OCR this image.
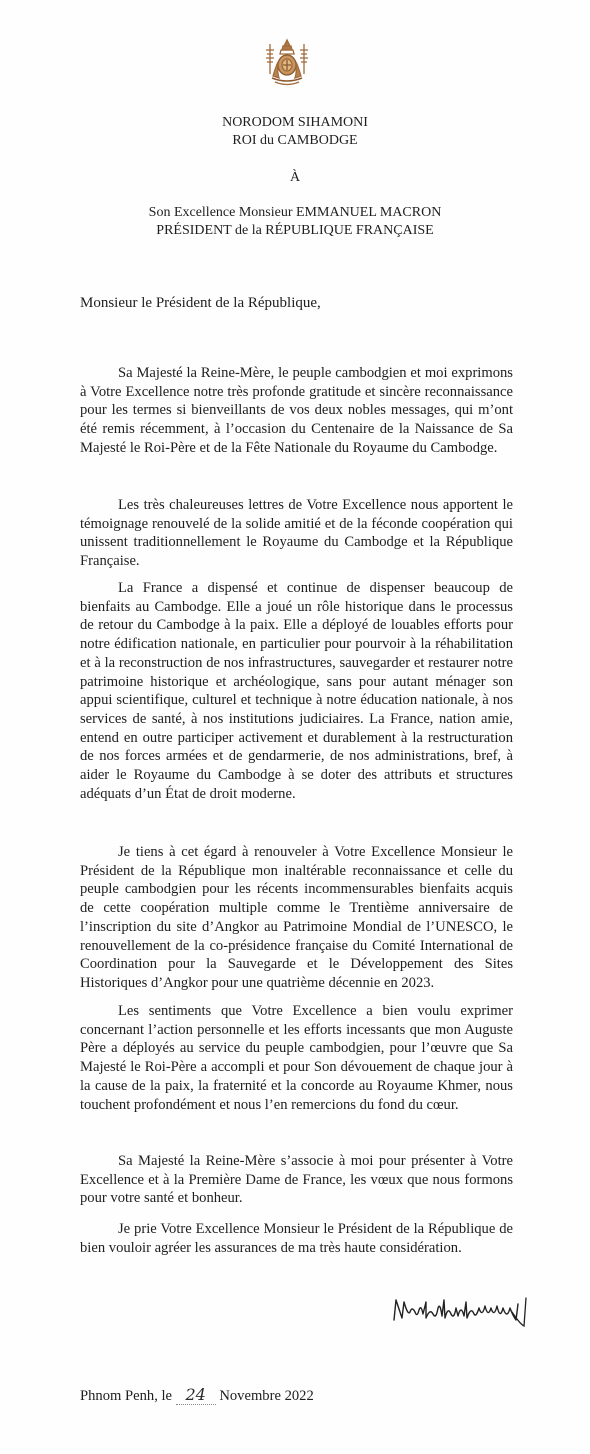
NORODOM SIHAMONI
ROI du CAMBODGE
À
Son Excellence Monsieur EMMANUEL MACRON
PRÉSIDENT de la RÉPUBLIQUE FRANÇAISE
Monsieur le Président de la République,

Sa Majesté la Reine-Mère, le peuple cambodgien et moi exprimons à Votre Excellence notre très profonde gratitude et sincère reconnaissance pour les termes si bienveillants de vos deux nobles messages, qui m’ont été remis récemment, à l’occasion du Centenaire de la Naissance de Sa Majesté le Roi-Père et de la Fête Nationale du Royaume du Cambodge.

Les très chaleureuses lettres de Votre Excellence nous apportent le témoignage renouvelé de la solide amitié et de la féconde coopération qui unissent traditionnellement le Royaume du Cambodge et la République Française.

La France a dispensé et continue de dispenser beaucoup de bienfaits au Cambodge. Elle a joué un rôle historique dans le processus de retour du Cambodge à la paix. Elle a déployé de louables efforts pour notre édification nationale, en particulier pour pourvoir à la réhabilitation et à la reconstruction de nos infrastructures, sauvegarder et restaurer notre patrimoine historique et archéologique, sans pour autant ménager son appui scientifique, culturel et technique à notre éducation nationale, à nos services de santé, à nos institutions judiciaires. La France, nation amie, entend en outre participer activement et durablement à la restructuration de nos forces armées et de gendarmerie, de nos administrations, bref, à aider le Royaume du Cambodge à se doter des attributs et structures adéquats d’un État de droit moderne.

Je tiens à cet égard à renouveler à Votre Excellence Monsieur le Président de la République mon inaltérable reconnaissance et celle du peuple cambodgien pour les récents incommensurables bienfaits acquis de cette coopération multiple comme le Trentième anniversaire de l’inscription du site d’Angkor au Patrimoine Mondial de l’UNESCO, le renouvellement de la co-présidence française du Comité International de Coordination pour la Sauvegarde et le Développement des Sites Historiques d’Angkor pour une quatrième décennie en 2023.

Les sentiments que Votre Excellence a bien voulu exprimer concernant l’action personnelle et les efforts incessants que mon Auguste Père a déployés au service du peuple cambodgien, pour l’œuvre que Sa Majesté le Roi-Père a accompli et pour Son dévouement de chaque jour à la cause de la paix, la fraternité et la concorde au Royaume Khmer, nous touchent profondément et nous l’en remercions du fond du cœur.

Sa Majesté la Reine-Mère s’associe à moi pour présenter à Votre Excellence et à la Première Dame de France, les vœux que nous formons pour votre santé et bonheur.

Je prie Votre Excellence Monsieur le Président de la République de bien vouloir agréer les assurances de ma très haute considération.

Phnom Penh, le 24 Novembre 2022
